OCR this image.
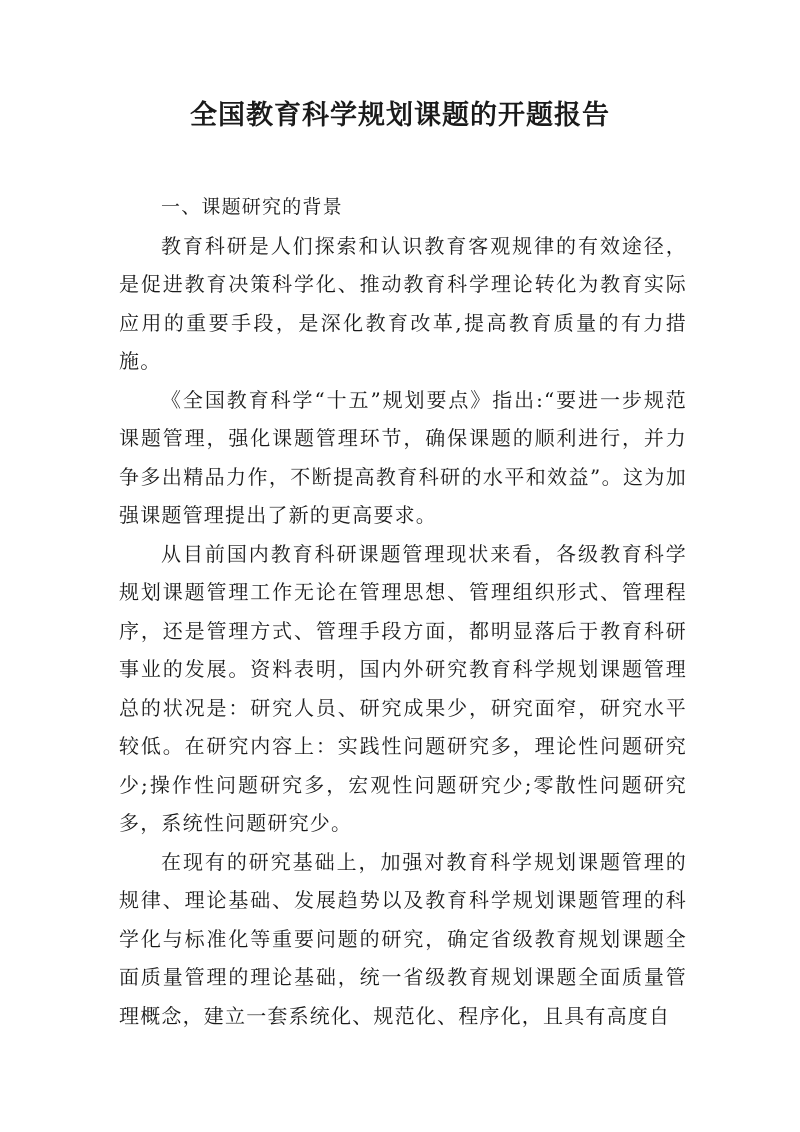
全国教育科学规划课题的开题报告

一、课题研究的背景

教育科研是人们探索和认识教育客观规律的有效途径，是促进教育决策科学化、推动教育科学理论转化为教育实际应用的重要手段，是深化教育改革,提高教育质量的有力措施。

《全国教育科学“十五”规划要点》指出:“要进一步规范课题管理，强化课题管理环节，确保课题的顺利进行，并力争多出精品力作，不断提高教育科研的水平和效益”。这为加强课题管理提出了新的更高要求。

从目前国内教育科研课题管理现状来看，各级教育科学规划课题管理工作无论在管理思想、管理组织形式、管理程序，还是管理方式、管理手段方面，都明显落后于教育科研事业的发展。资料表明，国内外研究教育科学规划课题管理总的状况是：研究人员、研究成果少，研究面窄，研究水平较低。在研究内容上：实践性问题研究多，理论性问题研究少;操作性问题研究多，宏观性问题研究少;零散性问题研究多，系统性问题研究少。

在现有的研究基础上，加强对教育科学规划课题管理的规律、理论基础、发展趋势以及教育科学规划课题管理的科学化与标准化等重要问题的研究，确定省级教育规划课题全面质量管理的理论基础，统一省级教育规划课题全面质量管理概念，建立一套系统化、规范化、程序化，且具有高度自
